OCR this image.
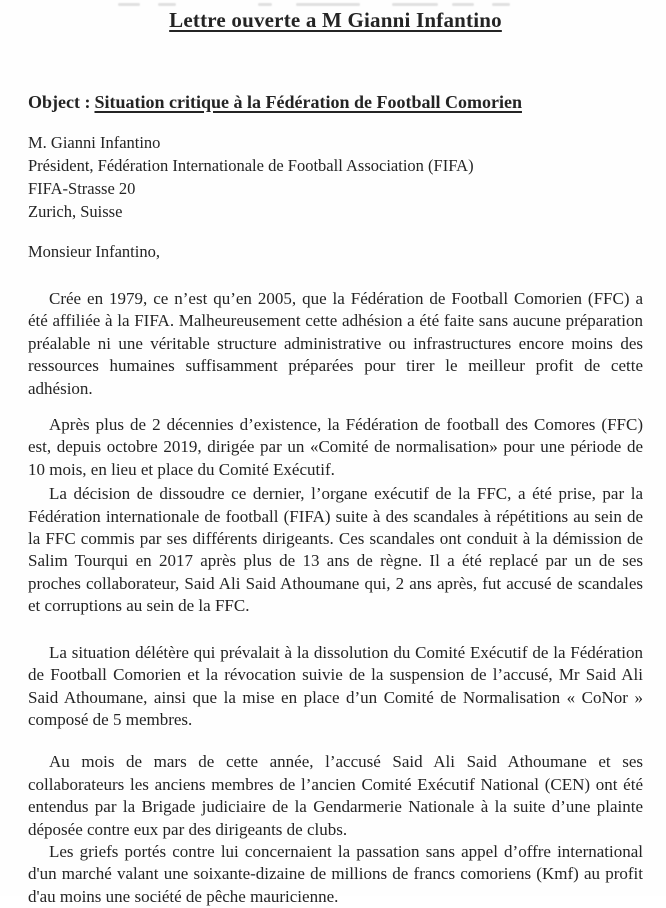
Lettre ouverte a M Gianni Infantino
Object : Situation critique à la Fédération de Football Comorien
M. Gianni Infantino
Président, Fédération Internationale de Football Association (FIFA)
FIFA-Strasse 20
Zurich, Suisse

Monsieur Infantino,

Crée en 1979, ce n’est qu’en 2005, que la Fédération de Football Comorien (FFC) a été affiliée à la FIFA. Malheureusement cette adhésion a été faite sans aucune préparation préalable ni une véritable structure administrative ou infrastructures encore moins des ressources humaines suffisamment préparées pour tirer le meilleur profit de cette adhésion.

Après plus de 2 décennies d’existence, la Fédération de football des Comores (FFC) est, depuis octobre 2019, dirigée par un «Comité de normalisation» pour une période de 10 mois, en lieu et place du Comité Exécutif.

La décision de dissoudre ce dernier, l’organe exécutif de la FFC, a été prise, par la Fédération internationale de football (FIFA) suite à des scandales à répétitions au sein de la FFC commis par ses différents dirigeants. Ces scandales ont conduit à la démission de Salim Tourqui en 2017 après plus de 13 ans de règne. Il a été replacé par un de ses proches collaborateur, Said Ali Said Athoumane qui, 2 ans après, fut accusé de scandales et corruptions au sein de la FFC.

La situation délétère qui prévalait à la dissolution du Comité Exécutif de la Fédération de Football Comorien et la révocation suivie de la suspension de l’accusé, Mr Said Ali Said Athoumane, ainsi que la mise en place d’un Comité de Normalisation « CoNor » composé de 5 membres.

Au mois de mars de cette année, l’accusé Said Ali Said Athoumane et ses collaborateurs les anciens membres de l’ancien Comité Exécutif National (CEN) ont été entendus par la Brigade judiciaire de la Gendarmerie Nationale à la suite d’une plainte déposée contre eux par des dirigeants de clubs.

Les griefs portés contre lui concernaient la passation sans appel d’offre international d'un marché valant une soixante-dizaine de millions de francs comoriens (Kmf) au profit d'au moins une société de pêche mauricienne.
